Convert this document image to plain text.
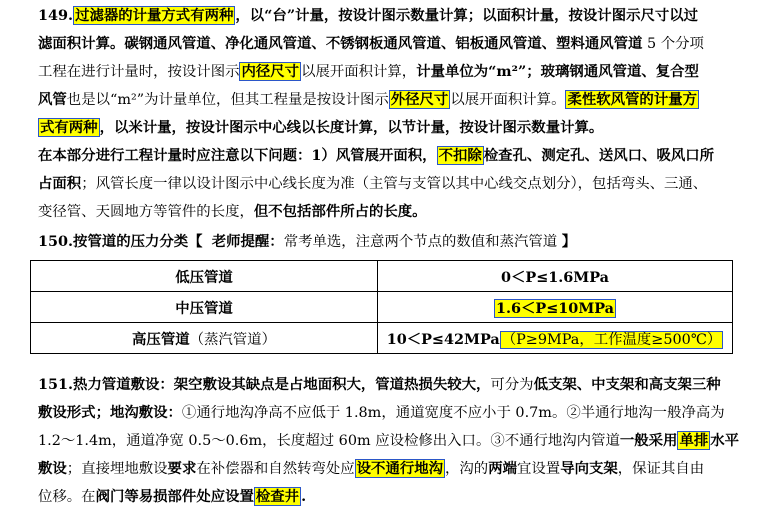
149. 过滤器的计量方式有两种 ，以“台”计量，按设计图示数量计算；以面积计量，按设计图示尺寸以过
滤面积计算。碳钢通风管道、净化通风管道、不锈钢板通风管道、铝板通风管道、塑料通风管道 5 个分项
工程在进行计量时，按设计图示 内径尺寸 以展开面积计算，计量单位为“m²”；玻璃钢通风管道、复合型
风管也是以“m²”为计量单位，但其工程量是按设计图示 外径尺寸 以展开面积计算。 柔性软风管的计量方
式有两种 ，以米计量，按设计图示中心线以长度计算，以节计量，按设计图示数量计算。
在本部分进行工程计量时应注意以下问题：1）风管展开面积， 不扣除 检查孔、测定孔、送风口、吸风口所
占面积；风管长度一律以设计图示中心线长度为准（主管与支管以其中心线交点划分），包括弯头、三通、
变径管、天圆地方等管件的长度，但不包括部件所占的长度。
150.按管道的压力分类【 老师提醒：常考单选，注意两个节点的数值和蒸汽管道 】
低压管道	0＜P≤1.6MPa
中压管道	1.6＜P≤10MPa
高压管道（蒸汽管道）	10＜P≤42MPa （P≥9MPa，工作温度≥500℃）
151.热力管道敷设：架空敷设其缺点是占地面积大，管道热损失较大，可分为低支架、中支架和高支架三种
敷设形式；地沟敷设：①通行地沟净高不应低于 1.8m，通道宽度不应小于 0.7m。②半通行地沟一般净高为
1.2～1.4m，通道净宽 0.5～0.6m，长度超过 60m 应设检修出入口。③不通行地沟内管道一般采用 单排 水平
敷设；直接埋地敷设要求在补偿器和自然转弯处应 设不通行地沟 ，沟的两端宜设置导向支架，保证其自由
位移。在阀门等易损部件处应设置 检查井 .
